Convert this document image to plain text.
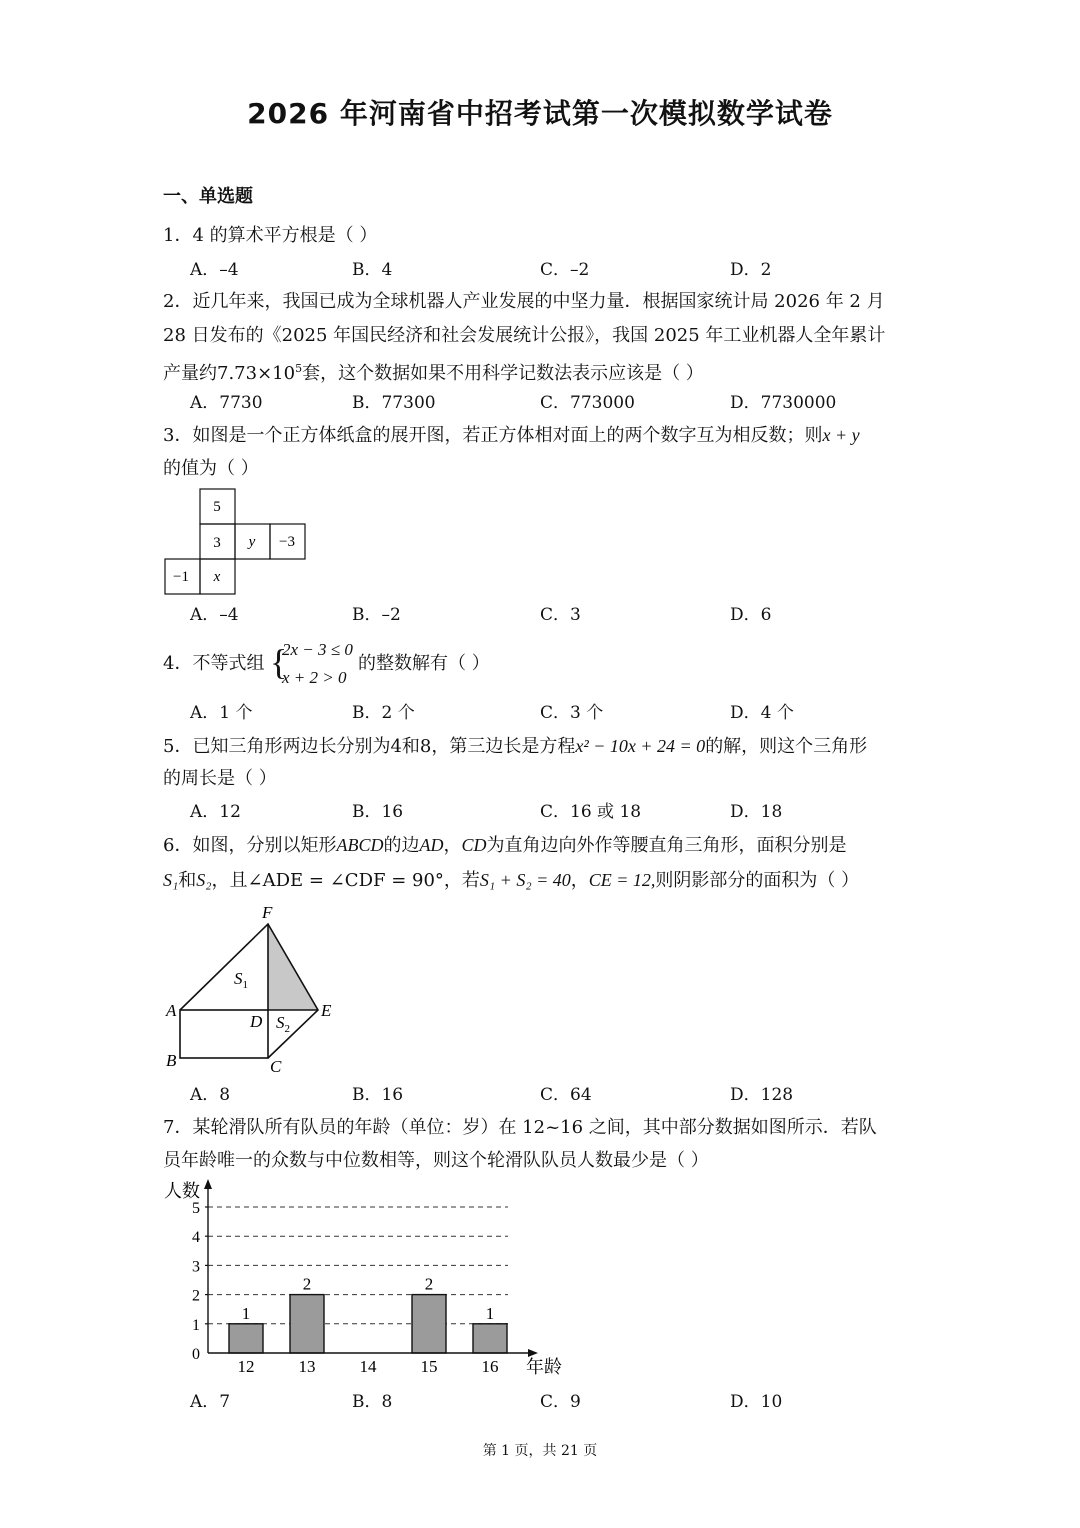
2026 年河南省中招考试第一次模拟数学试卷
一、单选题
1．4 的算术平方根是（ ）
A．–4	B．4	C．–2	D．2
2．近几年来，我国已成为全球机器人产业发展的中坚力量．根据国家统计局 2026 年 2 月
28 日发布的《2025 年国民经济和社会发展统计公报》，我国 2025 年工业机器人全年累计
产量约$7.73\times 10^5$套，这个数据如果不用科学记数法表示应该是（ ）
A．7730	B．77300	C．773000	D．7730000
3．如图是一个正方体纸盒的展开图，若正方体相对面上的两个数字互为相反数；则x + y
的值为（ ）
5
3 y −3
−1 x
A．–4	B．–2	C．3	D．6
4．不等式组 {
2x − 3 ≤ 0
x + 2 > 0
的整数解有（ ）
A．1 个	B．2 个	C．3 个	D．4 个
5．已知三角形两边长分别为4和8，第三边长是方程x² − 10x + 24 = 0的解，则这个三角形
的周长是（ ）
A．12	B．16	C．16 或 18	D．18
6．如图，分别以矩形ABCD的边AD，CD为直角边向外作等腰直角三角形，面积分别是
S₁和S₂，且∠ADE = ∠CDF = 90°，若S₁ + S₂ = 40，CE = 12,则阴影部分的面积为（ ）
F
A
B	C
D
E
$S_1$
$S_2$
A．8	B．16	C．64	D．128
7．某轮滑队所有队员的年龄（单位：岁）在 12~16 之间，其中部分数据如图所示．若队
员年龄唯一的众数与中位数相等，则这个轮滑队队员人数最少是（ ）
人数
年龄
0
1
2
3
4
5
12	13	14	15	16
1
2	2
1
A．7	B．8	C．9	D．10
第 1 页，共 21 页
